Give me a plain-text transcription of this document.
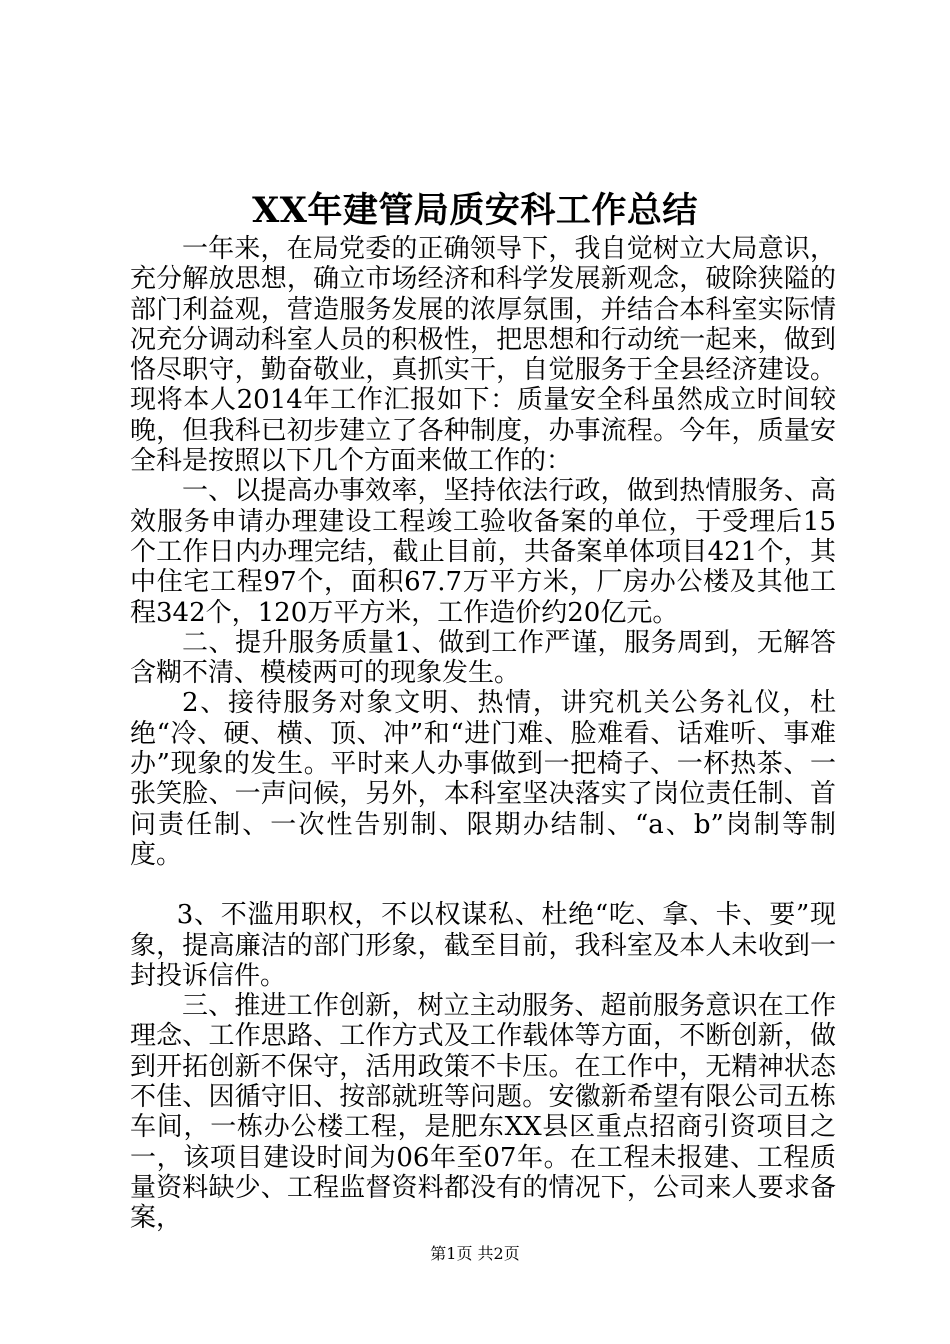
XX年建管局质安科工作总结

一年来，在局党委的正确领导下，我自觉树立大局意识，充分解放思想，确立市场经济和科学发展新观念，破除狭隘的部门利益观，营造服务发展的浓厚氛围，并结合本科室实际情况充分调动科室人员的积极性，把思想和行动统一起来，做到恪尽职守，勤奋敬业，真抓实干，自觉服务于全县经济建设。现将本人2014年工作汇报如下：质量安全科虽然成立时间较晚，但我科已初步建立了各种制度，办事流程。今年，质量安全科是按照以下几个方面来做工作的：

一、以提高办事效率，坚持依法行政，做到热情服务、高效服务申请办理建设工程竣工验收备案的单位，于受理后15个工作日内办理完结，截止目前，共备案单体项目421个，其中住宅工程97个，面积67.7万平方米，厂房办公楼及其他工程342个，120万平方米，工作造价约20亿元。

二、提升服务质量1、做到工作严谨，服务周到，无解答含糊不清、模棱两可的现象发生。

2、接待服务对象文明、热情，讲究机关公务礼仪，杜绝“冷、硬、横、顶、冲”和“进门难、脸难看、话难听、事难办”现象的发生。平时来人办事做到一把椅子、一杯热茶、一张笑脸、一声问候，另外，本科室坚决落实了岗位责任制、首问责任制、一次性告别制、限期办结制、“a、b”岗制等制度。

3、不滥用职权，不以权谋私、杜绝“吃、拿、卡、要”现象，提高廉洁的部门形象，截至目前，我科室及本人未收到一封投诉信件。

三、推进工作创新，树立主动服务、超前服务意识在工作理念、工作思路、工作方式及工作载体等方面，不断创新，做到开拓创新不保守，活用政策不卡压。在工作中，无精神状态不佳、因循守旧、按部就班等问题。安徽新希望有限公司五栋车间，一栋办公楼工程，是肥东XX县区重点招商引资项目之一，该项目建设时间为06年至07年。在工程未报建、工程质量资料缺少、工程监督资料都没有的情况下，公司来人要求备案，

第1页 共2页
